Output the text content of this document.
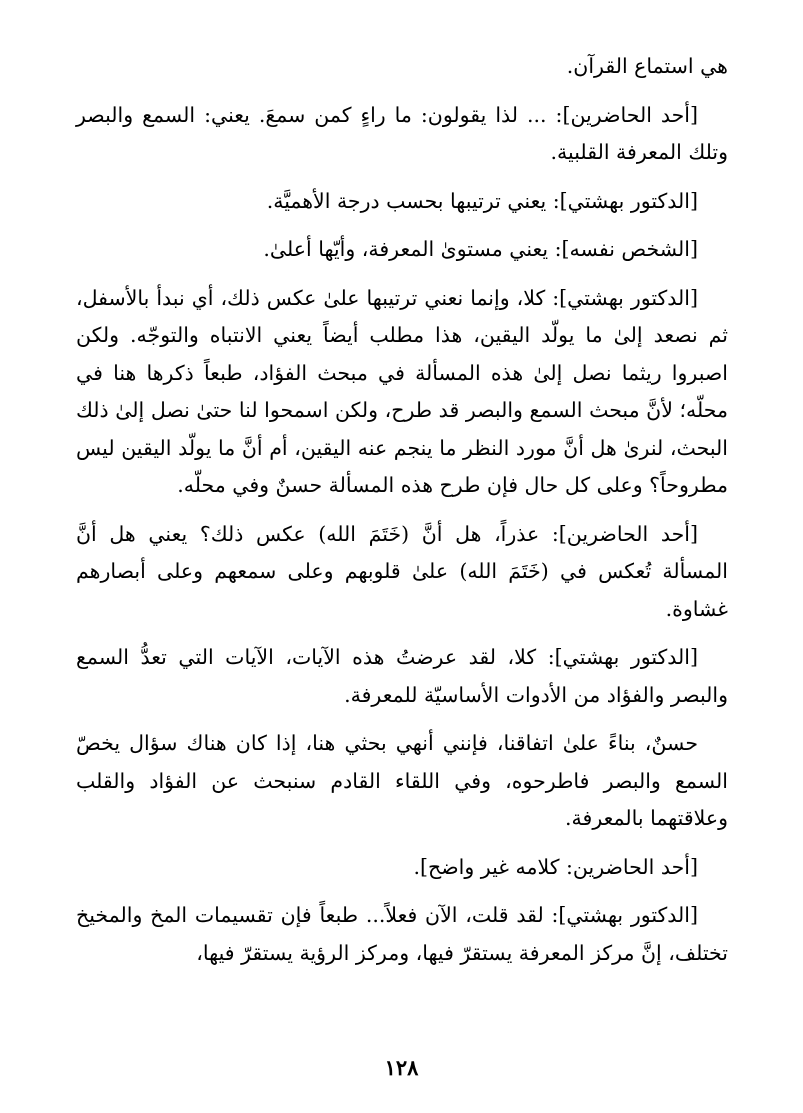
هي استماع القرآن.

[أحد الحاضرين]: ... لذا يقولون: ما راءٍ كمن سمعَ. يعني: السمع والبصر وتلك المعرفة القلبية.

[الدكتور بهشتي]: يعني ترتيبها بحسب درجة الأهميَّة.

[الشخص نفسه]: يعني مستوىٰ المعرفة، وأيّها أعلىٰ.

[الدكتور بهشتي]: كلا، وإنما نعني ترتيبها علىٰ عكس ذلك، أي نبدأ بالأسفل، ثم نصعد إلىٰ ما يولّد اليقين، هذا مطلب أيضاً يعني الانتباه والتوجّه. ولكن اصبروا ريثما نصل إلىٰ هذه المسألة في مبحث الفؤاد، طبعاً ذكرها هنا في محلّه؛ لأنَّ مبحث السمع والبصر قد طرح، ولكن اسمحوا لنا حتىٰ نصل إلىٰ ذلك البحث، لنرىٰ هل أنَّ مورد النظر ما ينجم عنه اليقين، أم أنَّ ما يولّد اليقين ليس مطروحاً؟ وعلى كل حال فإن طرح هذه المسألة حسنٌ وفي محلّه.

[أحد الحاضرين]: عذراً، هل أنَّ (خَتَمَ الله) عكس ذلك؟ يعني هل أنَّ المسألة تُعكس في (خَتَمَ الله) علىٰ قلوبهم وعلى سمعهم وعلى أبصارهم غشاوة.

[الدكتور بهشتي]: كلا، لقد عرضتُ هذه الآيات، الآيات التي تعدُّ السمع والبصر والفؤاد من الأدوات الأساسيّة للمعرفة.

حسنٌ، بناءً علىٰ اتفاقنا، فإنني أنهي بحثي هنا، إذا كان هناك سؤال يخصّ السمع والبصر فاطرحوه، وفي اللقاء القادم سنبحث عن الفؤاد والقلب وعلاقتهما بالمعرفة.

[أحد الحاضرين: كلامه غير واضح].

[الدكتور بهشتي]: لقد قلت، الآن فعلاً... طبعاً فإن تقسيمات المخ والمخيخ تختلف، إنَّ مركز المعرفة يستقرّ فيها، ومركز الرؤية يستقرّ فيها،

١٢٨
